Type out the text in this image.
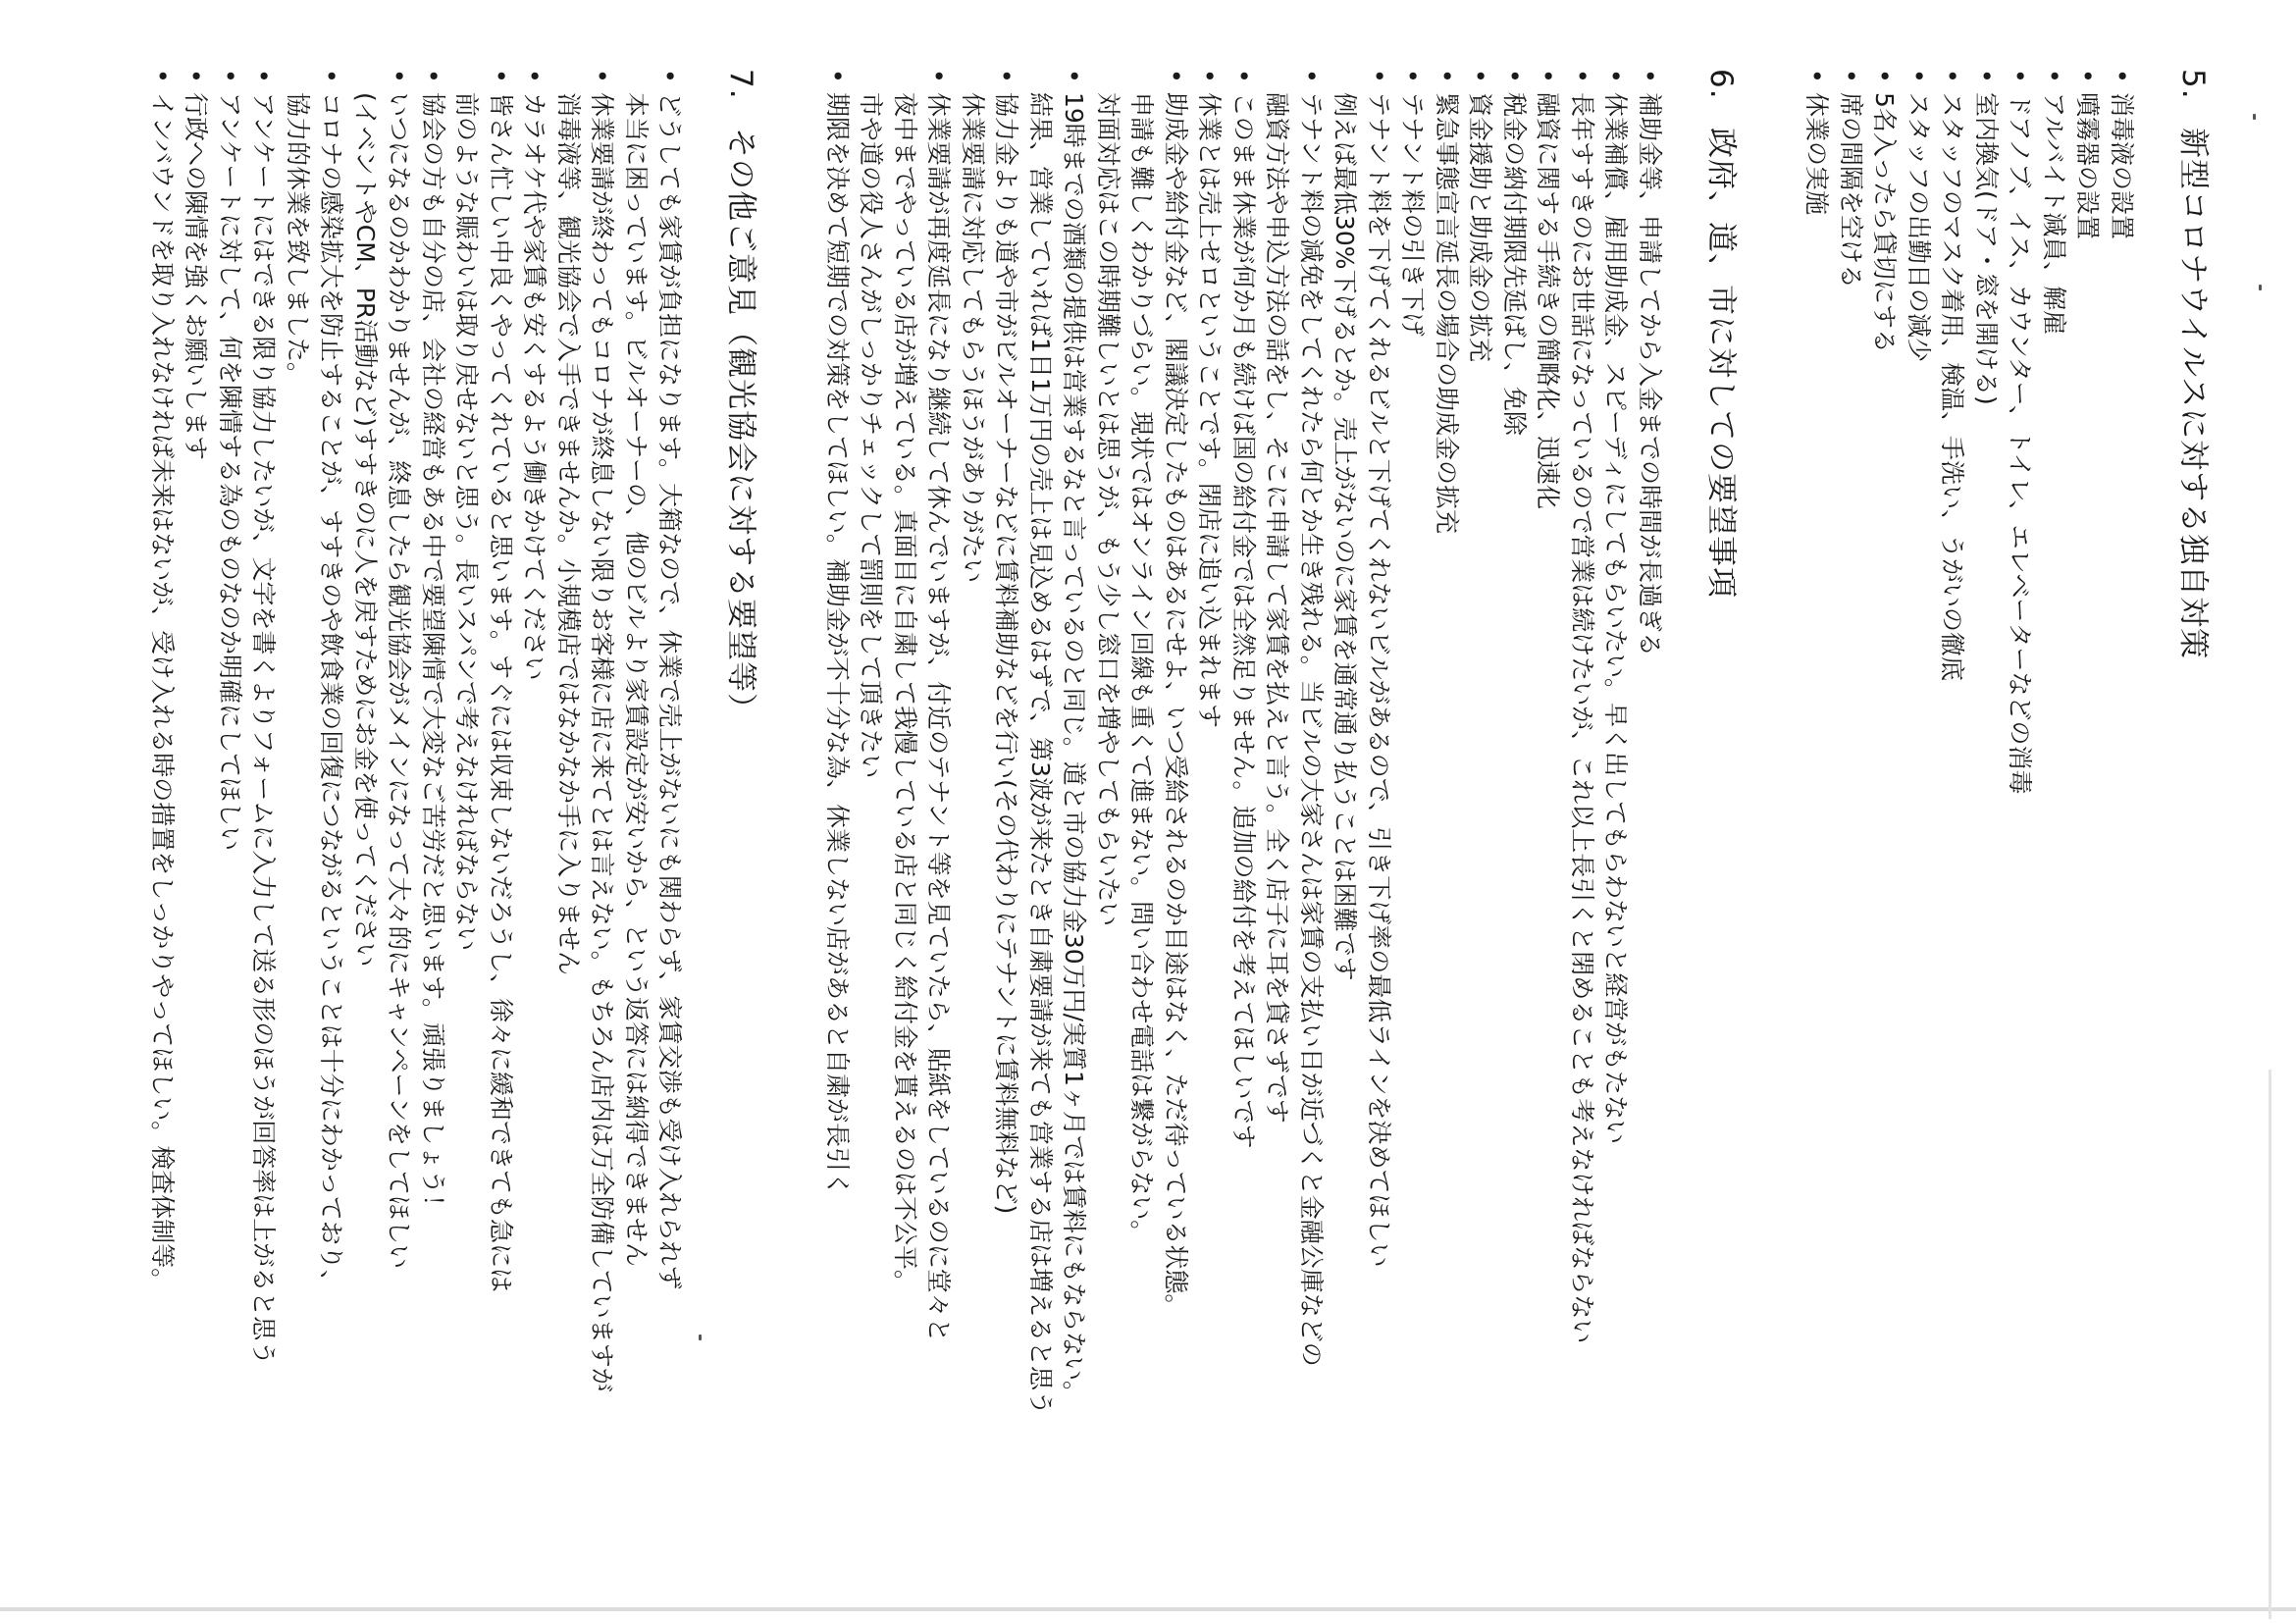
5.新型コロナウイルスに対する独自対策
• 消毒液の設置
• 噴霧器の設置
• アルバイト減員、解雇
• ドアノブ、イス、カウンター、トイレ、エレベーターなどの消毒
• 室内換気(ドア・窓を開ける)
• スタッフのマスク着用、検温、手洗い、うがいの徹底
• スタッフの出勤日の減少
• 5名入ったら貸切にする
• 席の間隔を空ける
• 休業の実施
6.政府、道、市に対しての要望事項
• 補助金等、申請してから入金までの時間が長過ぎる
• 休業補償、雇用助成金、スピーディにしてもらいたい。早く出してもらわないと経営がもたない
• 長年すすきのにお世話になっているので営業は続けたいが、これ以上長引くと閉めることも考えなければならない
• 融資に関する手続きの簡略化、迅速化
• 税金の納付期限先延ばし、免除
• 資金援助と助成金の拡充
• 緊急事態宣言延長の場合の助成金の拡充
• テナント料の引き下げ
• テナント料を下げてくれるビルと下げてくれないビルがあるので、引き下げ率の最低ラインを決めてほしい
例えば最低30%下げるとか。売上がないのに家賃を通常通り払うことは困難です
• テナント料の減免をしてくれたら何とか生き残れる。当ビルの大家さんは家賃の支払い日が近づくと金融公庫などの
融資方法や申込方法の話をし、そこに申請して家賃を払えと言う。全く店子に耳を貸さずです
• このまま休業が何か月も続けば国の給付金では全然足りません。追加の給付を考えてほしいです
• 休業とは売上ゼロということです。閉店に追い込まれます
• 助成金や給付金など、閣議決定したものはあるにせよ、いつ受給されるのか目途はなく、ただ待っている状態。
申請も難しくわかりづらい。現状ではオンライン回線も重くて進まない。問い合わせ電話は繋がらない。
対面対応はこの時期難しいとは思うが、もう少し窓口を増やしてもらいたい
• 19時までの酒類の提供は営業するなと言っているのと同じ。道と市の協力金30万円/実質1ヶ月では賃料にもならない。
結果、営業していれば1日1万円の売上は見込めるはずで、第3波が来たとき自粛要請が来ても営業する店は増えると思う
• 協力金よりも道や市がビルオーナーなどに賃料補助などを行い(その代わりにテナントに賃料無料など)
休業要請に対応してもらうほうがありがたい
• 休業要請が再度延長になり継続して休んでいますが、付近のテナント等を見ていたら、貼紙をしているのに堂々と
夜中までやっている店が増えている。真面目に自粛して我慢している店と同じく給付金を貰えるのは不公平。
市や道の役人さんがしっかりチェックして罰則をして頂きたい
• 期限を決めて短期での対策をしてほしい。補助金が不十分な為、休業しない店があると自粛が長引く
7.その他ご意見（観光協会に対する要望等）
• どうしても家賃が負担になります。大箱なので、休業で売上がないにも関わらず、家賃交渉も受け入れられず
本当に困っています。ビルオーナーの、他のビルより家賃設定が安いから、という返答には納得できません
• 休業要請が終わってもコロナが終息しない限りお客様に店に来てとは言えない。もちろん店内は万全防備していますが
消毒液等、観光協会で入手できませんか。小規模店ではなかなか手に入りません
• カラオケ代や家賃も安くするよう働きかけてください
• 皆さん忙しい中良くやってくれていると思います。すぐには収束しないだろうし、徐々に緩和できても急には
前のような賑わいは取り戻せないと思う。長いスパンで考えなければならない
• 協会の方も自分の店、会社の経営もある中で要望陳情で大変なご苦労だと思います。頑張りましょう！
• いつになるのかわかりませんが、終息したら観光協会がメインになって大々的にキャンペーンをしてほしい
(イベントやCM、PR活動など)すすきのに人を戻すためにお金を使ってください
• コロナの感染拡大を防止することが、すすきのや飲食業の回復につながるということは十分にわかっており、
協力的休業を致しました。
• アンケートにはできる限り協力したいが、文字を書くよりフォームに入力して送る形のほうが回答率は上がると思う
• アンケートに対して、何を陳情する為のものなのか明確にしてほしい
• 行政への陳情を強くお願いします
• インバウンドを取り入れなければ未来はないが、受け入れる時の措置をしっかりやってほしい。検査体制等。
